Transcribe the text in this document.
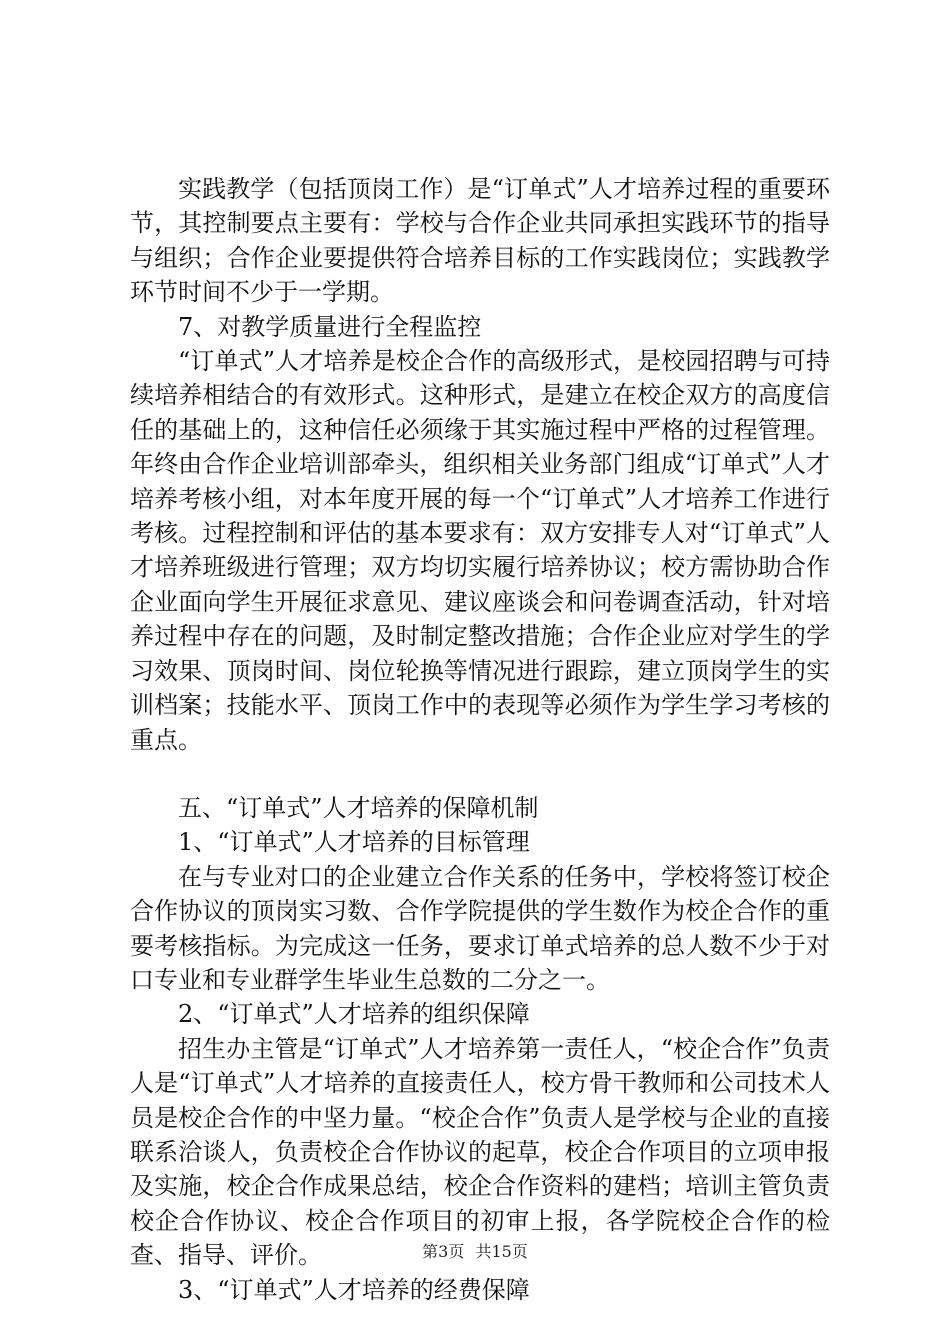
实践教学（包括顶岗工作）是“订单式”人才培养过程的重要环节，其控制要点主要有：学校与合作企业共同承担实践环节的指导与组织；合作企业要提供符合培养目标的工作实践岗位；实践教学环节时间不少于一学期。

7、对教学质量进行全程监控

“订单式”人才培养是校企合作的高级形式，是校园招聘与可持续培养相结合的有效形式。这种形式，是建立在校企双方的高度信任的基础上的，这种信任必须缘于其实施过程中严格的过程管理。年终由合作企业培训部牵头，组织相关业务部门组成“订单式”人才培养考核小组，对本年度开展的每一个“订单式”人才培养工作进行考核。过程控制和评估的基本要求有：双方安排专人对“订单式”人才培养班级进行管理；双方均切实履行培养协议；校方需协助合作企业面向学生开展征求意见、建议座谈会和问卷调查活动，针对培养过程中存在的问题，及时制定整改措施；合作企业应对学生的学习效果、顶岗时间、岗位轮换等情况进行跟踪，建立顶岗学生的实训档案；技能水平、顶岗工作中的表现等必须作为学生学习考核的重点。

五、“订单式”人才培养的保障机制

1、“订单式”人才培养的目标管理

在与专业对口的企业建立合作关系的任务中，学校将签订校企合作协议的顶岗实习数、合作学院提供的学生数作为校企合作的重要考核指标。为完成这一任务，要求订单式培养的总人数不少于对口专业和专业群学生毕业生总数的二分之一。

2、“订单式”人才培养的组织保障

招生办主管是“订单式”人才培养第一责任人，“校企合作”负责人是“订单式”人才培养的直接责任人，校方骨干教师和公司技术人员是校企合作的中坚力量。“校企合作”负责人是学校与企业的直接联系洽谈人，负责校企合作协议的起草，校企合作项目的立项申报及实施，校企合作成果总结，校企合作资料的建档；培训主管负责校企合作协议、校企合作项目的初审上报，各学院校企合作的检查、指导、评价。

3、“订单式”人才培养的经费保障

第3页 共15页
